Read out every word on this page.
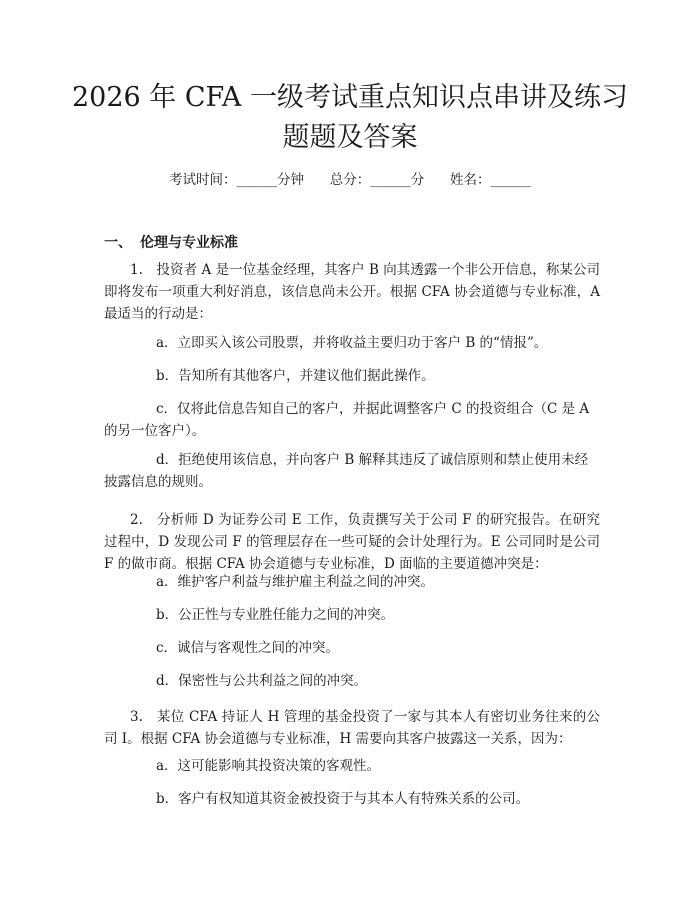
2026 年 CFA 一级考试重点知识点串讲及练习题题及答案
考试时间：______分钟      总分：______分      姓名：______
一、 伦理与专业标准

1.　投资者 A 是一位基金经理，其客户 B 向其透露一个非公开信息，称某公司即将发布一项重大利好消息，该信息尚未公开。根据 CFA 协会道德与专业标准，A 最适当的行动是：

a．立即买入该公司股票，并将收益主要归功于客户 B 的“情报”。

b．告知所有其他客户，并建议他们据此操作。

c．仅将此信息告知自己的客户，并据此调整客户 C 的投资组合（C 是 A 的另一位客户）。

d．拒绝使用该信息，并向客户 B 解释其违反了诚信原则和禁止使用未经披露信息的规则。

2.　分析师 D 为证券公司 E 工作，负责撰写关于公司 F 的研究报告。在研究过程中，D 发现公司 F 的管理层存在一些可疑的会计处理行为。E 公司同时是公司 F 的做市商。根据 CFA 协会道德与专业标准，D 面临的主要道德冲突是：

a．维护客户利益与维护雇主利益之间的冲突。

b．公正性与专业胜任能力之间的冲突。

c．诚信与客观性之间的冲突。

d．保密性与公共利益之间的冲突。

3.　某位 CFA 持证人 H 管理的基金投资了一家与其本人有密切业务往来的公司 I。根据 CFA 协会道德与专业标准，H 需要向其客户披露这一关系，因为：

a．这可能影响其投资决策的客观性。

b．客户有权知道其资金被投资于与其本人有特殊关系的公司。
